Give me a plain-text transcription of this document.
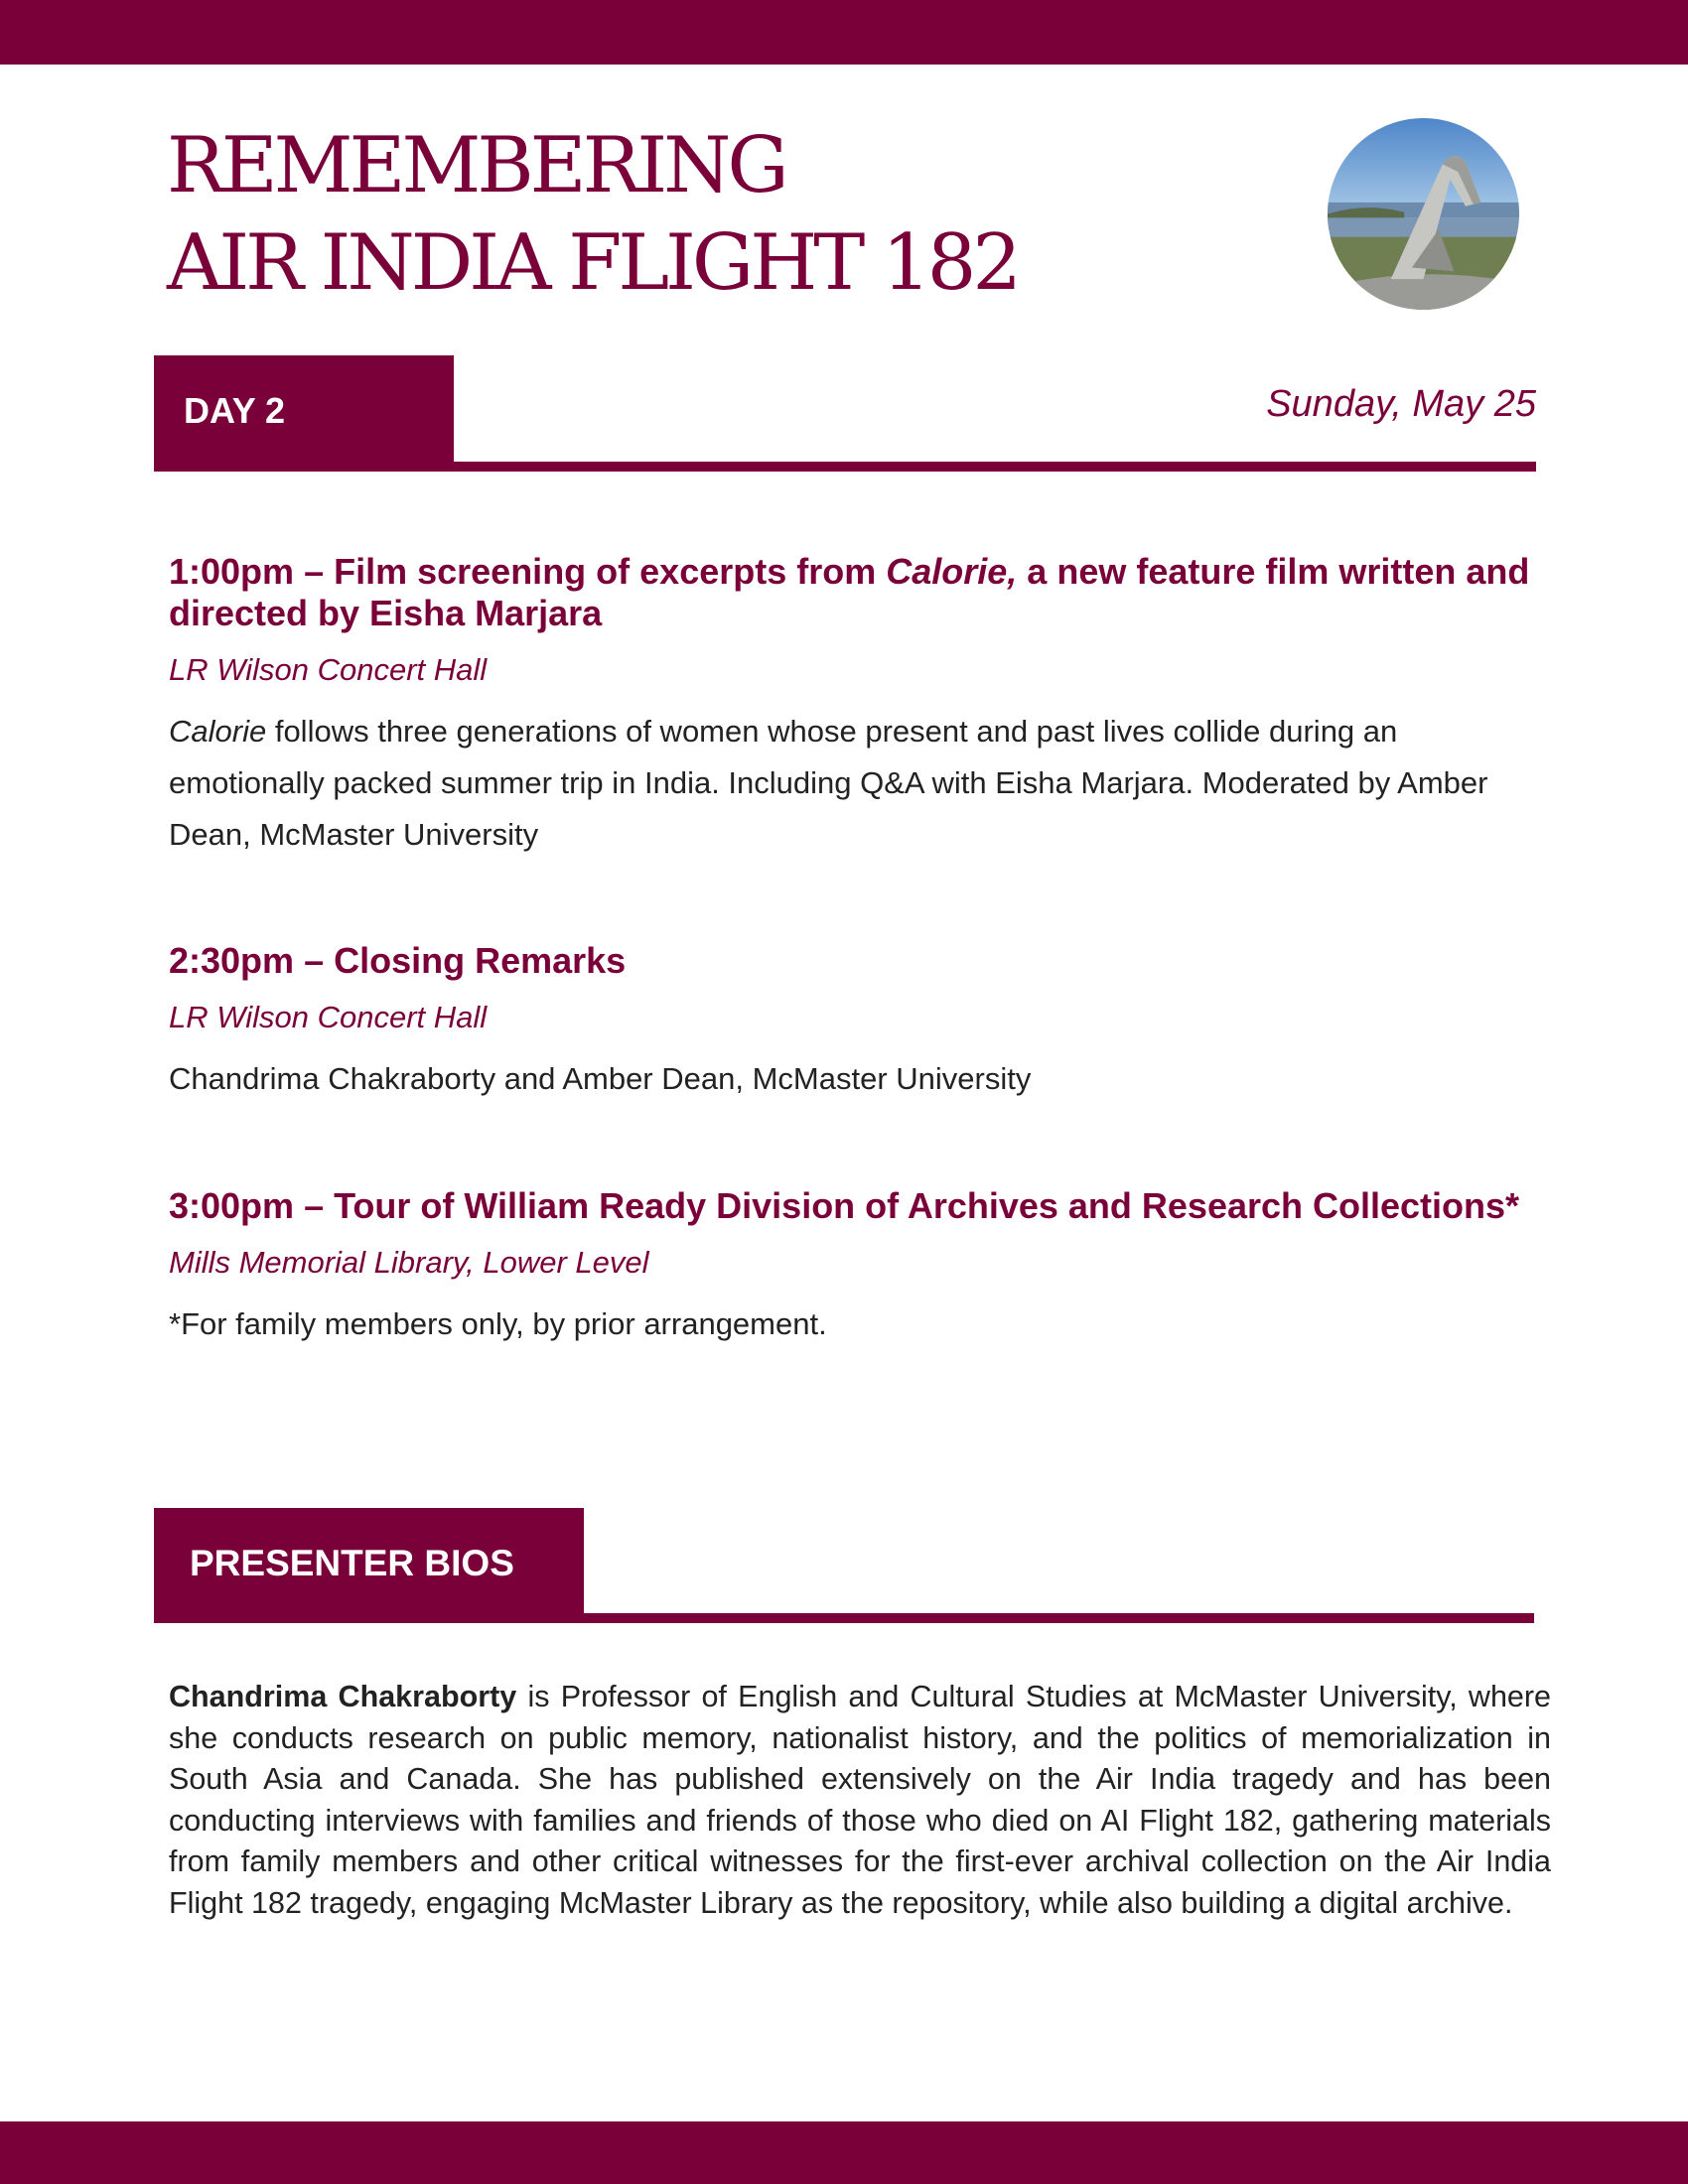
REMEMBERING
AIR INDIA FLIGHT 182
DAY 2	Sunday, May 25
1:00pm – Film screening of excerpts from Calorie, a new feature film written and directed by Eisha Marjara

LR Wilson Concert Hall

Calorie follows three generations of women whose present and past lives collide during an emotionally packed summer trip in India. Including Q&A with Eisha Marjara. Moderated by Amber Dean, McMaster University

2:30pm – Closing Remarks

LR Wilson Concert Hall

Chandrima Chakraborty and Amber Dean, McMaster University

3:00pm – Tour of William Ready Division of Archives and Research Collections*

Mills Memorial Library, Lower Level

*For family members only, by prior arrangement.

PRESENTER BIOS

Chandrima Chakraborty is Professor of English and Cultural Studies at McMaster University, where she conducts research on public memory, nationalist history, and the politics of memorialization in South Asia and Canada. She has published extensively on the Air India tragedy and has been conducting interviews with families and friends of those who died on AI Flight 182, gathering materials from family members and other critical witnesses for the first-ever archival collection on the Air India Flight 182 tragedy, engaging McMaster Library as the repository, while also building a digital archive.
